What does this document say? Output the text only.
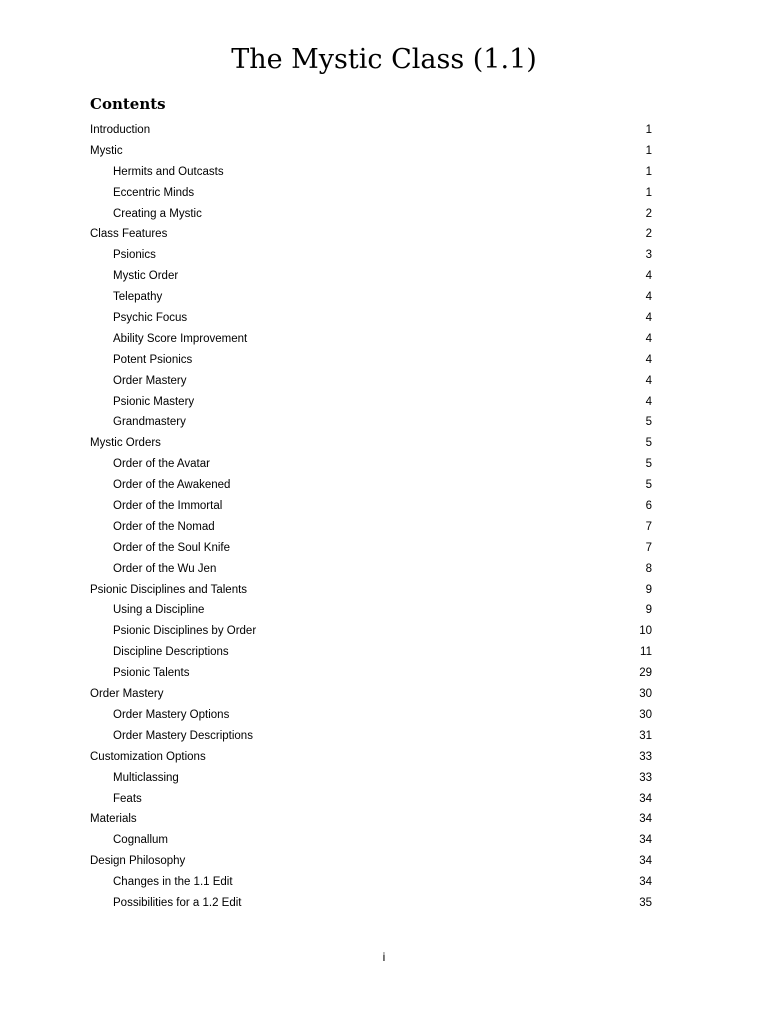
The Mystic Class (1.1)
Contents
Introduction	1
Mystic	1
Hermits and Outcasts	1
Eccentric Minds	1
Creating a Mystic	2
Class Features	2
Psionics	3
Mystic Order	4
Telepathy	4
Psychic Focus	4
Ability Score Improvement	4
Potent Psionics	4
Order Mastery	4
Psionic Mastery	4
Grandmastery	5
Mystic Orders	5
Order of the Avatar	5
Order of the Awakened	5
Order of the Immortal	6
Order of the Nomad	7
Order of the Soul Knife	7
Order of the Wu Jen	8
Psionic Disciplines and Talents	9
Using a Discipline	9
Psionic Disciplines by Order	10
Discipline Descriptions	11
Psionic Talents	29
Order Mastery	30
Order Mastery Options	30
Order Mastery Descriptions	31
Customization Options	33
Multiclassing	33
Feats	34
Materials	34
Cognallum	34
Design Philosophy	34
Changes in the 1.1 Edit	34
Possibilities for a 1.2 Edit	35

i
